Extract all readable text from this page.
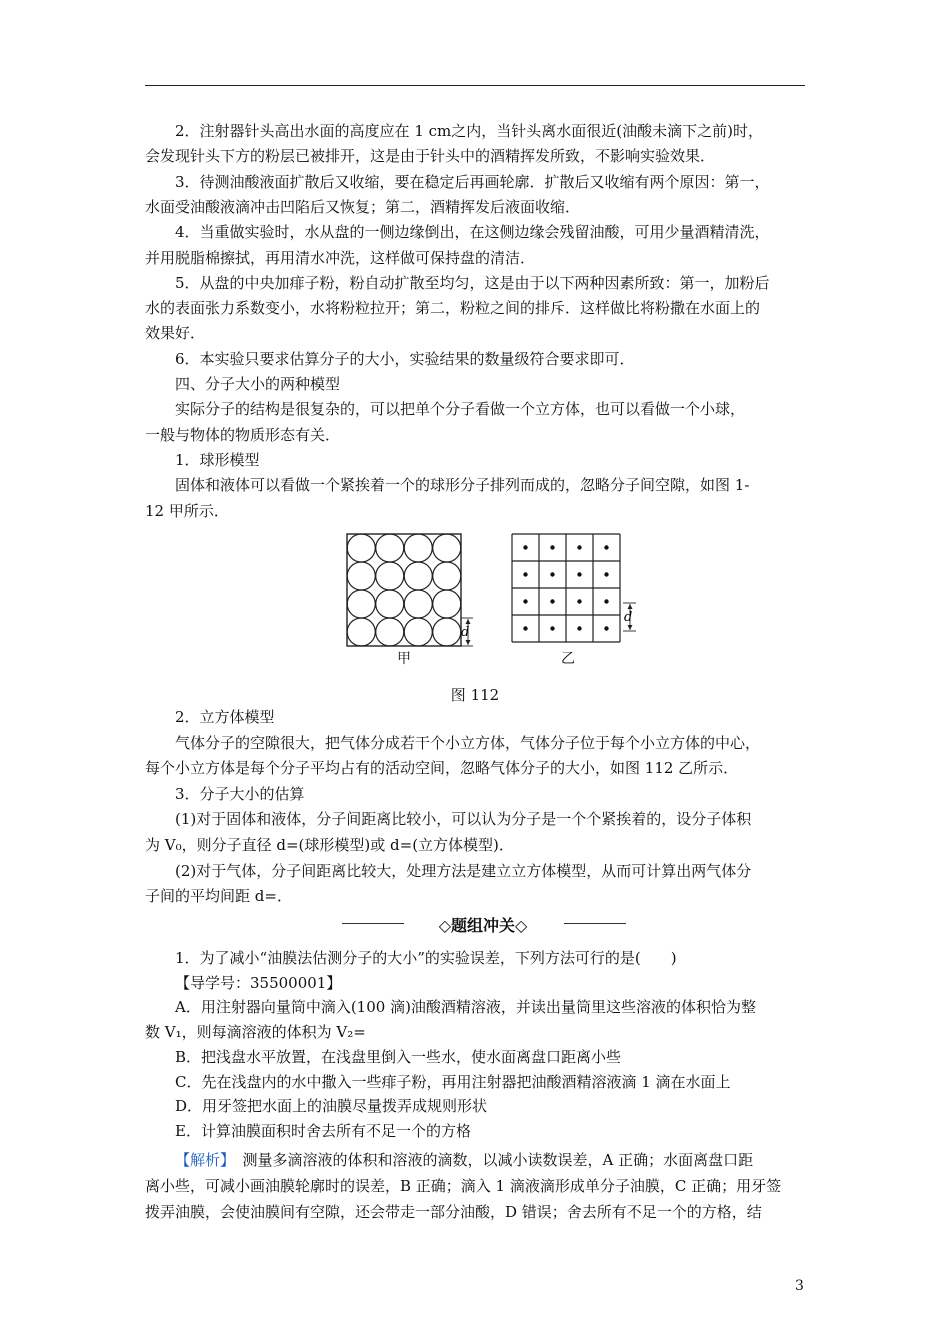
2．注射器针头高出水面的高度应在 1 cm之内，当针头离水面很近(油酸未滴下之前)时，
会发现针头下方的粉层已被排开，这是由于针头中的酒精挥发所致，不影响实验效果．
3．待测油酸液面扩散后又收缩，要在稳定后再画轮廓．扩散后又收缩有两个原因：第一，
水面受油酸液滴冲击凹陷后又恢复；第二，酒精挥发后液面收缩．
4．当重做实验时，水从盘的一侧边缘倒出，在这侧边缘会残留油酸，可用少量酒精清洗，
并用脱脂棉擦拭，再用清水冲洗，这样做可保持盘的清洁．
5．从盘的中央加痱子粉，粉自动扩散至均匀，这是由于以下两种因素所致：第一，加粉后
水的表面张力系数变小，水将粉粒拉开；第二，粉粒之间的排斥．这样做比将粉撒在水面上的
效果好．
6．本实验只要求估算分子的大小，实验结果的数量级符合要求即可．
四、分子大小的两种模型
实际分子的结构是很复杂的，可以把单个分子看做一个立方体，也可以看做一个小球，
一般与物体的物质形态有关．
1．球形模型
固体和液体可以看做一个紧挨着一个的球形分子排列而成的，忽略分子间空隙，如图 1-
12 甲所示．
d
d
甲	乙
图 112
2．立方体模型
气体分子的空隙很大，把气体分成若干个小立方体，气体分子位于每个小立方体的中心，
每个小立方体是每个分子平均占有的活动空间，忽略气体分子的大小，如图 112 乙所示．
3．分子大小的估算
(1)对于固体和液体，分子间距离比较小，可以认为分子是一个个紧挨着的，设分子体积
为 V₀，则分子直径 d=(球形模型)或 d=(立方体模型)．
(2)对于气体，分子间距离比较大，处理方法是建立立方体模型，从而可计算出两气体分
子间的平均间距 d=．
◇题组冲关◇
1．为了减小“油膜法估测分子的大小”的实验误差，下列方法可行的是(　　)
【导学号：35500001】
A．用注射器向量筒中滴入(100 滴)油酸酒精溶液，并读出量筒里这些溶液的体积恰为整
数 V₁，则每滴溶液的体积为 V₂=
B．把浅盘水平放置，在浅盘里倒入一些水，使水面离盘口距离小些
C．先在浅盘内的水中撒入一些痱子粉，再用注射器把油酸酒精溶液滴 1 滴在水面上
D．用牙签把水面上的油膜尽量拨弄成规则形状
E．计算油膜面积时舍去所有不足一个的方格
【解析】　测量多滴溶液的体积和溶液的滴数，以减小读数误差，A 正确；水面离盘口距
离小些，可减小画油膜轮廓时的误差，B 正确；滴入 1 滴液滴形成单分子油膜，C 正确；用牙签
拨弄油膜，会使油膜间有空隙，还会带走一部分油酸，D 错误；舍去所有不足一个的方格，结
3
